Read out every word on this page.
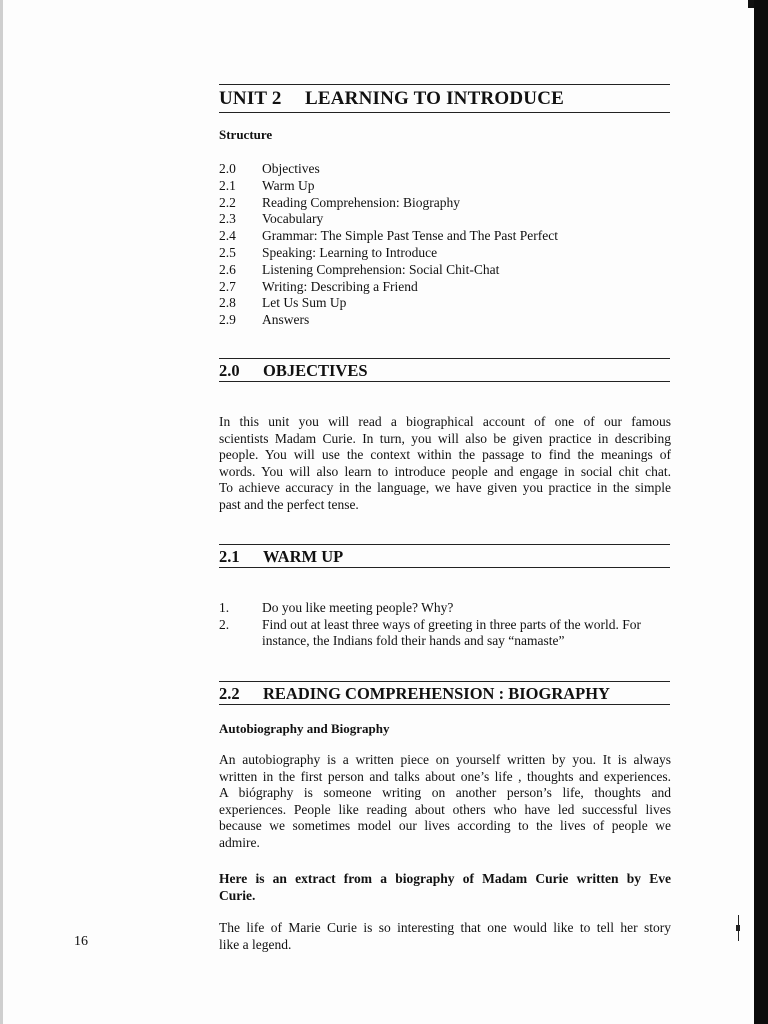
UNIT 2 LEARNING TO INTRODUCE
Structure
2.0 Objectives
2.1 Warm Up
2.2 Reading Comprehension: Biography
2.3 Vocabulary
2.4 Grammar: The Simple Past Tense and The Past Perfect
2.5 Speaking: Learning to Introduce
2.6 Listening Comprehension: Social Chit-Chat
2.7 Writing: Describing a Friend
2.8 Let Us Sum Up
2.9 Answers
2.0 OBJECTIVES
In this unit you will read a biographical account of one of our famous
scientists Madam Curie. In turn, you will also be given practice in describing
people. You will use the context within the passage to find the meanings of
words. You will also learn to introduce people and engage in social chit chat.
To achieve accuracy in the language, we have given you practice in the simple
past and the perfect tense.
2.1 WARM UP
1. Do you like meeting people? Why?
2. Find out at least three ways of greeting in three parts of the world. For
instance, the Indians fold their hands and say “namaste”
2.2 READING COMPREHENSION : BIOGRAPHY
Autobiography and Biography
An autobiography is a written piece on yourself written by you. It is always
written in the first person and talks about one’s life , thoughts and experiences.
A biógraphy is someone writing on another person’s life, thoughts and
experiences. People like reading about others who have led successful lives
because we sometimes model our lives according to the lives of people we
admire.
Here is an extract from a biography of Madam Curie written by Eve
Curie.
The life of Marie Curie is so interesting that one would like to tell her story
like a legend.
16
